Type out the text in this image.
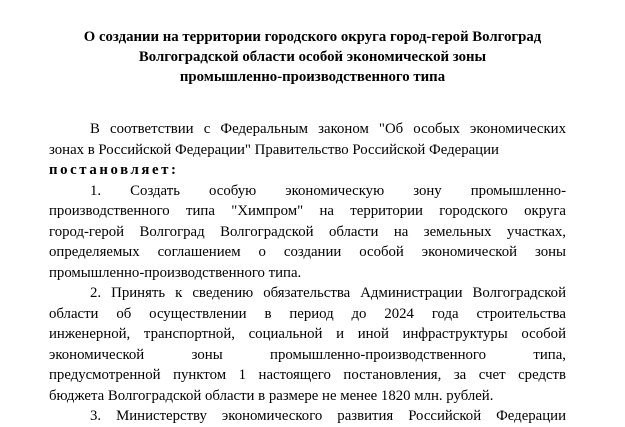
О создании на территории городского округа город-герой Волгоград
Волгоградской области особой экономической зоны
промышленно-производственного типа
В соответствии с Федеральным законом "Об особых экономических
зонах в Российской Федерации" Правительство Российской Федерации
постановляет:
1. Создать особую экономическую зону промышленно-
производственного типа "Химпром" на территории городского округа
город-герой Волгоград Волгоградской области на земельных участках,
определяемых соглашением о создании особой экономической зоны
промышленно-производственного типа.
2. Принять к сведению обязательства Администрации Волгоградской
области об осуществлении в период до 2024 года строительства
инженерной, транспортной, социальной и иной инфраструктуры особой
экономической зоны промышленно-производственного типа,
предусмотренной пунктом 1 настоящего постановления, за счет средств
бюджета Волгоградской области в размере не менее 1820 млн. рублей.
3. Министерству экономического развития Российской Федерации
